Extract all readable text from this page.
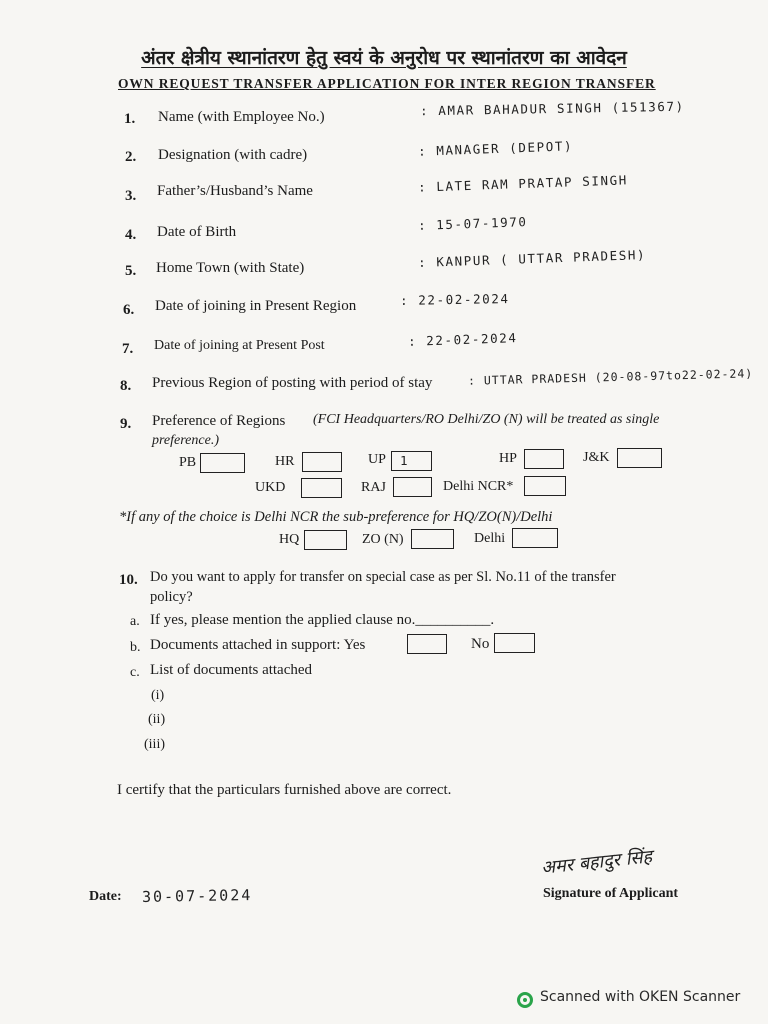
अंतर क्षेत्रीय स्थानांतरण हेतु स्वयं के अनुरोध पर स्थानांतरण का आवेदन
OWN REQUEST TRANSFER APPLICATION FOR INTER REGION TRANSFER
1. Name (with Employee No.)	: AMAR BAHADUR SINGH (151367)
2. Designation (with cadre)	: MANAGER (DEPOT)
3. Father’s/Husband’s Name	: LATE RAM PRATAP SINGH
4. Date of Birth	: 15-07-1970
5. Home Town (with State)	: KANPUR ( UTTAR PRADESH)
6. Date of joining in Present Region	: 22-02-2024
7. Date of joining at Present Post	: 22-02-2024
8. Previous Region of posting with period of stay	: UTTAR PRADESH (20-08-97to22-02-24)
9. Preference of Regions (FCI Headquarters/RO Delhi/ZO (N) will be treated as single
preference.)
PB	HR	UP 1	HP	J&K
UKD	RAJ	Delhi NCR*
*If any of the choice is Delhi NCR the sub-preference for HQ/ZO(N)/Delhi
HQ	ZO (N)	Delhi
10. Do you want to apply for transfer on special case as per Sl. No.11 of the transfer
policy?
a. If yes, please mention the applied clause no.__________.
b. Documents attached in support: Yes	No
c. List of documents attached
(i)
(ii)
(iii)
I certify that the particulars furnished above are correct.
Date: 30-07-2024
अमर बहादुर सिंह
Signature of Applicant
Scanned with OKEN Scanner
